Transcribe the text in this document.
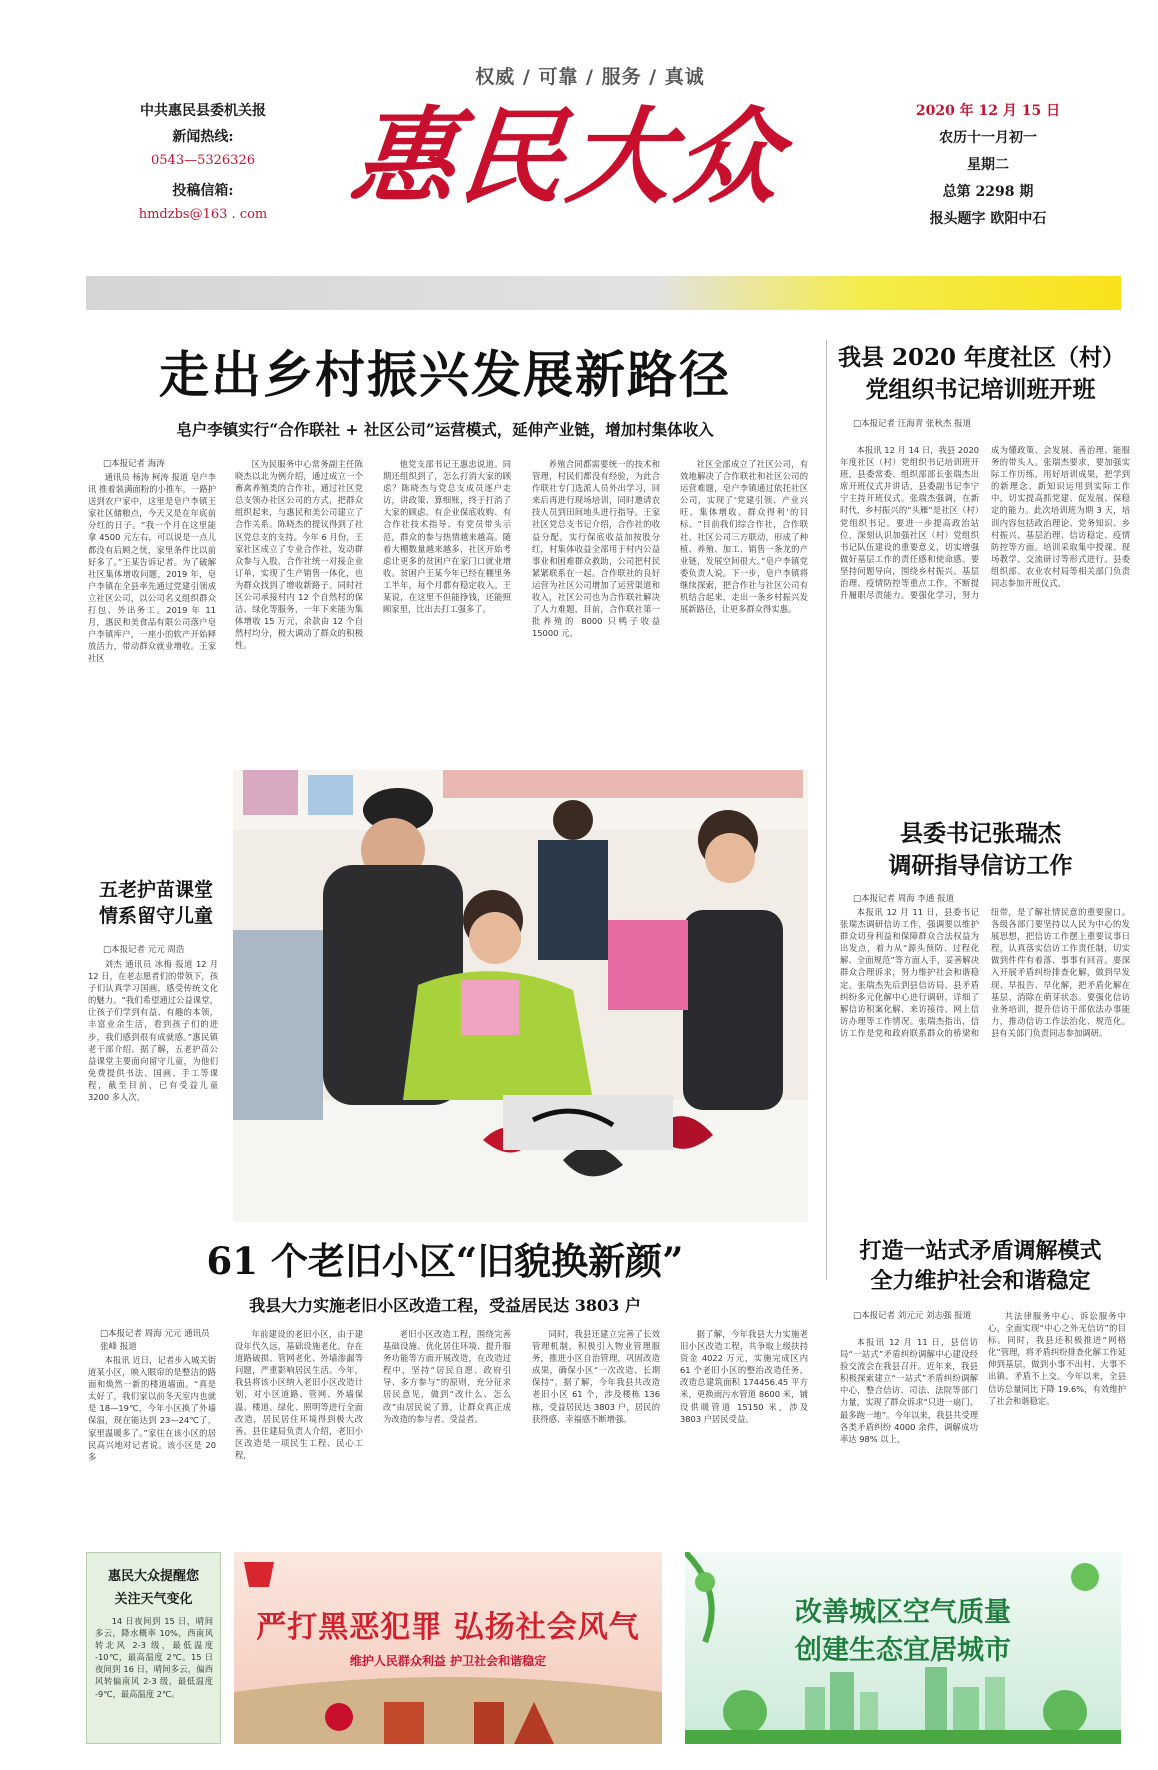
权威 / 可靠 / 服务 / 真诚
中共惠民县委机关报
新闻热线:
0543—5326326
投稿信箱:
hmdzbs@163 . com 惠民大众	2020 年 12 月 15 日
农历十一月初一
星期二
总第 2298 期
报头题字 欧阳中石
走出乡村振兴发展新路径
皂户李镇实行“合作联社 + 社区公司”运营模式，延伸产业链，增加村集体收入
□本报记者 海涛

通讯员 杨涛 柯涛 报道 皂户李讯 推着装满面粉的小推车，一路护送到农户家中，这里是皂户李镇王家社区储粮点，今天又是在年底前分红的日子。“我一个月在这里能拿 4500 元左右，可以说是一点儿都没有后顾之忧，家里条件比以前好多了。”王某告诉记者。为了破解社区集体增收问题，2019 年，皂户李镇在全县率先通过党建引领成立社区公司，以公司名义组织群众打包、外出务工。2019 年 11 月，惠民和美食品有限公司落户皂户李镇库户，一座小的软产开始释放活力，带动群众就业增收。王家社区

区为民服务中心常务副主任陈晓杰以北为例介绍，通过成立一个畜禽养殖类的合作社，通过社区党总支领办社区公司的方式，把群众组织起来，与惠民和美公司建立了合作关系。陈晓杰的提议得到了社区党总支的支持。今年 6 月份，王家社区成立了专业合作社，发动群众参与入股，合作社统一对接企业订单，实现了生产销售一体化，也为群众找到了增收新路子。同时社区公司承接村内 12 个自然村的保洁、绿化等服务，一年下来能为集体增收 15 万元，余款由 12 个自然村均分，极大调动了群众的积极性。

他党支部书记王惠忠说道。同期还组织到了，怎么打消大家的顾虑？陈晓杰与党总支成员逐户走访，讲政策、算细账，终于打消了大家的顾虑。有企业保底收购、有合作社技术指导、有党员带头示范，群众的参与热情越来越高。随着大棚数量越来越多，社区开始考虑让更多的贫困户在家门口就业增收。贫困户王某今年已经在棚里务工半年，每个月都有稳定收入。王某说，在这里不但能挣钱，还能照顾家里，比出去打工强多了。

养殖合同都需要统一的技术和管理，村民们都没有经验，为此合作联社专门选派人员外出学习，回来后再进行现场培训，同时邀请农技人员到田间地头进行指导。王家社区党总支书记介绍，合作社的收益分配，实行保底收益加按股分红，村集体收益全部用于村内公益事业和困难群众救助，公司把村民紧紧联系在一起。合作联社的良好运营为社区公司增加了运营渠道和收入，社区公司也为合作联社解决了人力难题，目前，合作联社第一批养殖的 8000 只鸭子收益 15000 元。

社区全部成立了社区公司，有效地解决了合作联社和社区公司的运营难题，皂户李镇通过依托社区公司，实现了‘党建引领、产业兴旺、集体增收、群众得利’的目标。“目前我们综合作社，合作联社、社区公司三方联动，形成了种植、养殖、加工、销售一条龙的产业链，发展空间很大。”皂户李镇党委负责人说。下一步，皂户李镇将继续探索，把合作社与社区公司有机结合起来，走出一条乡村振兴发展新路径，让更多群众得实惠。

我县 2020 年度社区（村）
党组织书记培训班开班
□本报记者 汪海青 张秋杰 报道

本报讯 12 月 14 日，我县 2020 年度社区（村）党组织书记培训班开班，县委常委、组织部部长张瑞杰出席开班仪式并讲话，县委副书记李宁宁主持开班仪式。张瑞杰强调，在新时代，乡村振兴的“头雁”是社区（村）党组织书记。要进一步提高政治站位，深刻认识加强社区（村）党组织书记队伍建设的重要意义，切实增强做好基层工作的责任感和使命感。要坚持问题导向，围绕乡村振兴、基层治理、疫情防控等重点工作，不断提升履职尽责能力。要强化学习，努力成为懂政策、会发展、善治理、能服务的带头人。张瑞杰要求，要加强实际工作历练，用好培训成果，把学到的新理念、新知识运用到实际工作中，切实提高抓党建、促发展、保稳定的能力。此次培训班为期 3 天，培训内容包括政治理论、党务知识、乡村振兴、基层治理、信访稳定、疫情防控等方面。培训采取集中授课、现场教学、交流研讨等形式进行。县委组织部、农业农村局等相关部门负责同志参加开班仪式。

五老护苗课堂
情系留守儿童
□本报记者 元元 周浩

刘杰 通讯员 冰梅 报道 12 月 12 日，在老志愿者们的带领下，孩子们认真学习国画，感受传统文化的魅力。“我们希望通过公益课堂，让孩子们学到有益、有趣的本领，丰富业余生活，看到孩子们的进步，我们感到很有成就感。”惠民镇老干部介绍。据了解，五老护苗公益课堂主要面向留守儿童，为他们免费提供书法、国画、手工等课程，截至目前，已有受益儿童 3200 多人次。

县委书记张瑞杰
调研指导信访工作
□本报记者 周海 李通 报道

本报讯 12 月 11 日，县委书记张瑞杰调研信访工作，强调要以维护群众切身利益和保障群众合法权益为出发点，着力从“源头预防、过程化解、全面规范”等方面入手，妥善解决群众合理诉求，努力维护社会和谐稳定。张瑞杰先后到县信访局、县矛盾纠纷多元化解中心进行调研，详细了解信访积案化解、来访接待、网上信访办理等工作情况。张瑞杰指出，信访工作是党和政府联系群众的桥梁和纽带，是了解社情民意的重要窗口。各级各部门要坚持以人民为中心的发展思想，把信访工作摆上重要议事日程，认真落实信访工作责任制，切实做到件件有着落、事事有回音。要深入开展矛盾纠纷排查化解，做到早发现、早报告、早化解，把矛盾化解在基层、消除在萌芽状态。要强化信访业务培训，提升信访干部依法办事能力，推动信访工作法治化、规范化。县有关部门负责同志参加调研。

61 个老旧小区“旧貌换新颜”
我县大力实施老旧小区改造工程，受益居民达 3803 户
□本报记者 周海 元元 通讯员 张峰 报道

本报讯 近日，记者步入城关街道某小区，映入眼帘的是整洁的路面和焕然一新的楼道墙面。“真是太好了，我们家以前冬天室内也就是 18—19℃，今年小区换了外墙保温，现在能达到 23—24℃了，家里温暖多了。”家住在该小区的居民高兴地对记者说。该小区是 20 多

年前建设的老旧小区，由于建设年代久远，基础设施老化，存在道路破损、管网老化、外墙渗漏等问题，严重影响居民生活。今年，我县将该小区纳入老旧小区改造计划，对小区道路、管网、外墙保温、楼道、绿化、照明等进行全面改造，居民居住环境得到极大改善。县住建局负责人介绍，老旧小区改造是一项民生工程、民心工程，

老旧小区改造工程，围绕完善基础设施、优化居住环境、提升服务功能等方面开展改造，在改造过程中，坚持“居民自愿、政府引导、多方参与”的原则，充分征求居民意见，做到“改什么、怎么改”由居民说了算，让群众真正成为改造的参与者、受益者。

同时，我县还建立完善了长效管理机制，积极引入物业管理服务，推进小区自治管理，巩固改造成果，确保小区“一次改造、长期保持”。据了解，今年我县共改造老旧小区 61 个，涉及楼栋 136 栋，受益居民达 3803 户，居民的获得感、幸福感不断增强。

据了解，今年我县大力实施老旧小区改造工程，共争取上级扶持资金 4022 万元，实施完成区内 61 个老旧小区的整治改造任务，改造总建筑面积 174456.45 平方米，更换雨污水管道 8600 米，铺设供暖管道 15150 米，涉及 3803 户居民受益。

打造一站式矛盾调解模式
全力维护社会和谐稳定
□本报记者 刘元元 刘志强 报道

本报讯 12 月 11 日，县信访局“一站式”矛盾纠纷调解中心建设经验交流会在我县召开。近年来，我县积极探索建立“一站式”矛盾纠纷调解中心，整合信访、司法、法院等部门力量，实现了群众诉求“只进一扇门、最多跑一地”。今年以来，我县共受理各类矛盾纠纷 4000 余件，调解成功率达 98% 以上，

共法律服务中心、诉讼服务中心，全面实现“中心之外无信访”的目标。同时，我县还积极推进“网格化”管理，将矛盾纠纷排查化解工作延伸到基层，做到小事不出村、大事不出镇、矛盾不上交。今年以来，全县信访总量同比下降 19.6%，有效维护了社会和谐稳定。

惠民大众提醒您
关注天气变化

14 日夜间到 15 日，晴间多云，降水概率 10%，西南风转北风 2-3 级，最低温度 -10℃，最高温度 2℃。15 日夜间到 16 日，晴间多云，偏西风转偏南风 2-3 级，最低温度 -9℃，最高温度 2℃。

严打黑恶犯罪 弘扬社会风气
维护人民群众利益 护卫社会和谐稳定
改善城区空气质量
创建生态宜居城市
